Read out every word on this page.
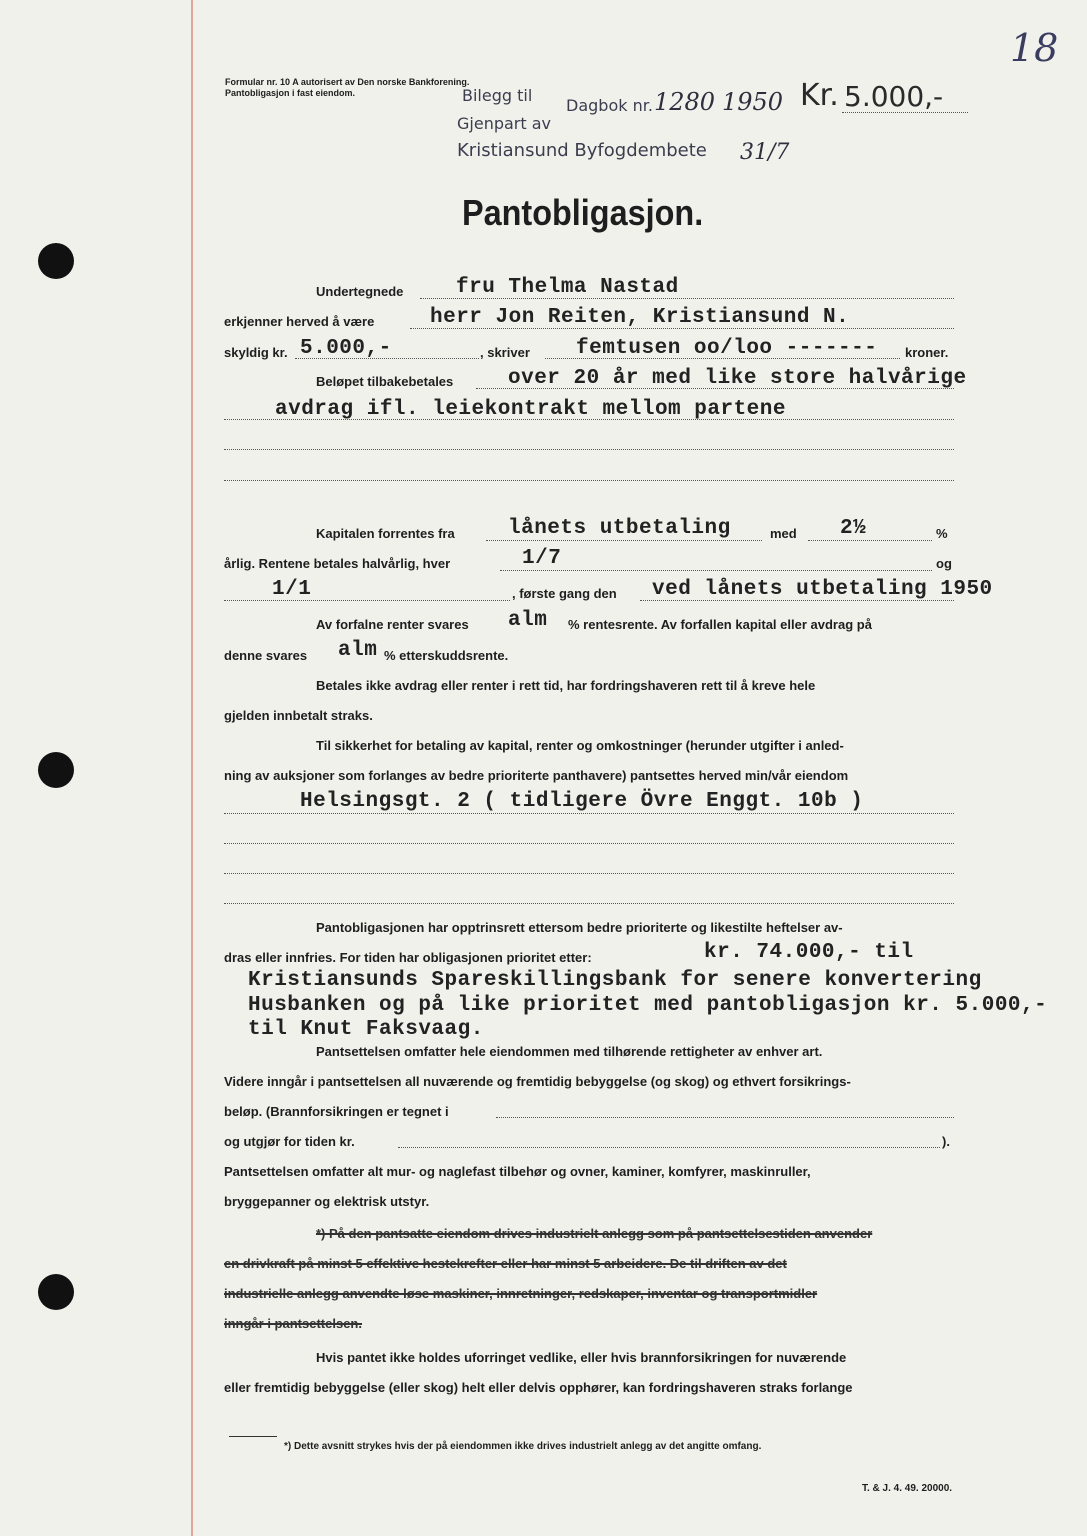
Formular nr. 10 A autorisert av Den norske Bankforening.
Pantobligasjon i fast eiendom.	Bilegg til
Dagbok nr. 1280 1950
Gjenpart av
Kristiansund Byfogdembete 31/7
Kr. 5.000,-
18
Pantobligasjon.
Undertegnede	fru Thelma Nastad
erkjenner herved å være	herr Jon Reiten, Kristiansund N.
skyldig kr. 5.000,-	, skriver femtusen oo/loo ------- kroner.
Beløpet tilbakebetales	over 20 år med like store halvårige
avdrag ifl. leiekontrakt mellom partene
Kapitalen forrentes fra	lånets utbetaling	med 2½	%
årlig. Rentene betales halvårlig, hver	1/7	og
1/1	, første gang den ved lånets utbetaling 1950
Av forfalne renter svares alm % rentesrente. Av forfallen kapital eller avdrag på
denne svares alm % etterskuddsrente.
Betales ikke avdrag eller renter i rett tid, har fordringshaveren rett til å kreve hele
gjelden innbetalt straks.
Til sikkerhet for betaling av kapital, renter og omkostninger (herunder utgifter i anled-
ning av auksjoner som forlanges av bedre prioriterte panthavere) pantsettes herved min/vår eiendom
Helsingsgt. 2 ( tidligere Övre Enggt. 10b )
Pantobligasjonen har opptrinsrett ettersom bedre prioriterte og likestilte heftelser av-
dras eller innfries. For tiden har obligasjonen prioritet etter:	kr. 74.000,- til
Kristiansunds Spareskillingsbank for senere konvertering
Husbanken og på like prioritet med pantobligasjon kr. 5.000,-
til Knut Faksvaag.
Pantsettelsen omfatter hele eiendommen med tilhørende rettigheter av enhver art.
Videre inngår i pantsettelsen all nuværende og fremtidig bebyggelse (og skog) og ethvert forsikrings-
beløp. (Brannforsikringen er tegnet i
og utgjør for tiden kr.	).
Pantsettelsen omfatter alt mur- og naglefast tilbehør og ovner, kaminer, komfyrer, maskinruller,
bryggepanner og elektrisk utstyr.
*) På den pantsatte eiendom drives industrielt anlegg som på pantsettelsestiden anvender
en drivkraft på minst 5 effektive hestekrefter eller har minst 5 arbeidere. De til driften av det
industrielle anlegg anvendte løse maskiner, innretninger, redskaper, inventar og transportmidler
inngår i pantsettelsen.
Hvis pantet ikke holdes uforringet vedlike, eller hvis brannforsikringen for nuværende
eller fremtidig bebyggelse (eller skog) helt eller delvis opphører, kan fordringshaveren straks forlange
*) Dette avsnitt strykes hvis der på eiendommen ikke drives industrielt anlegg av det angitte omfang.
T. & J. 4. 49. 20000.
